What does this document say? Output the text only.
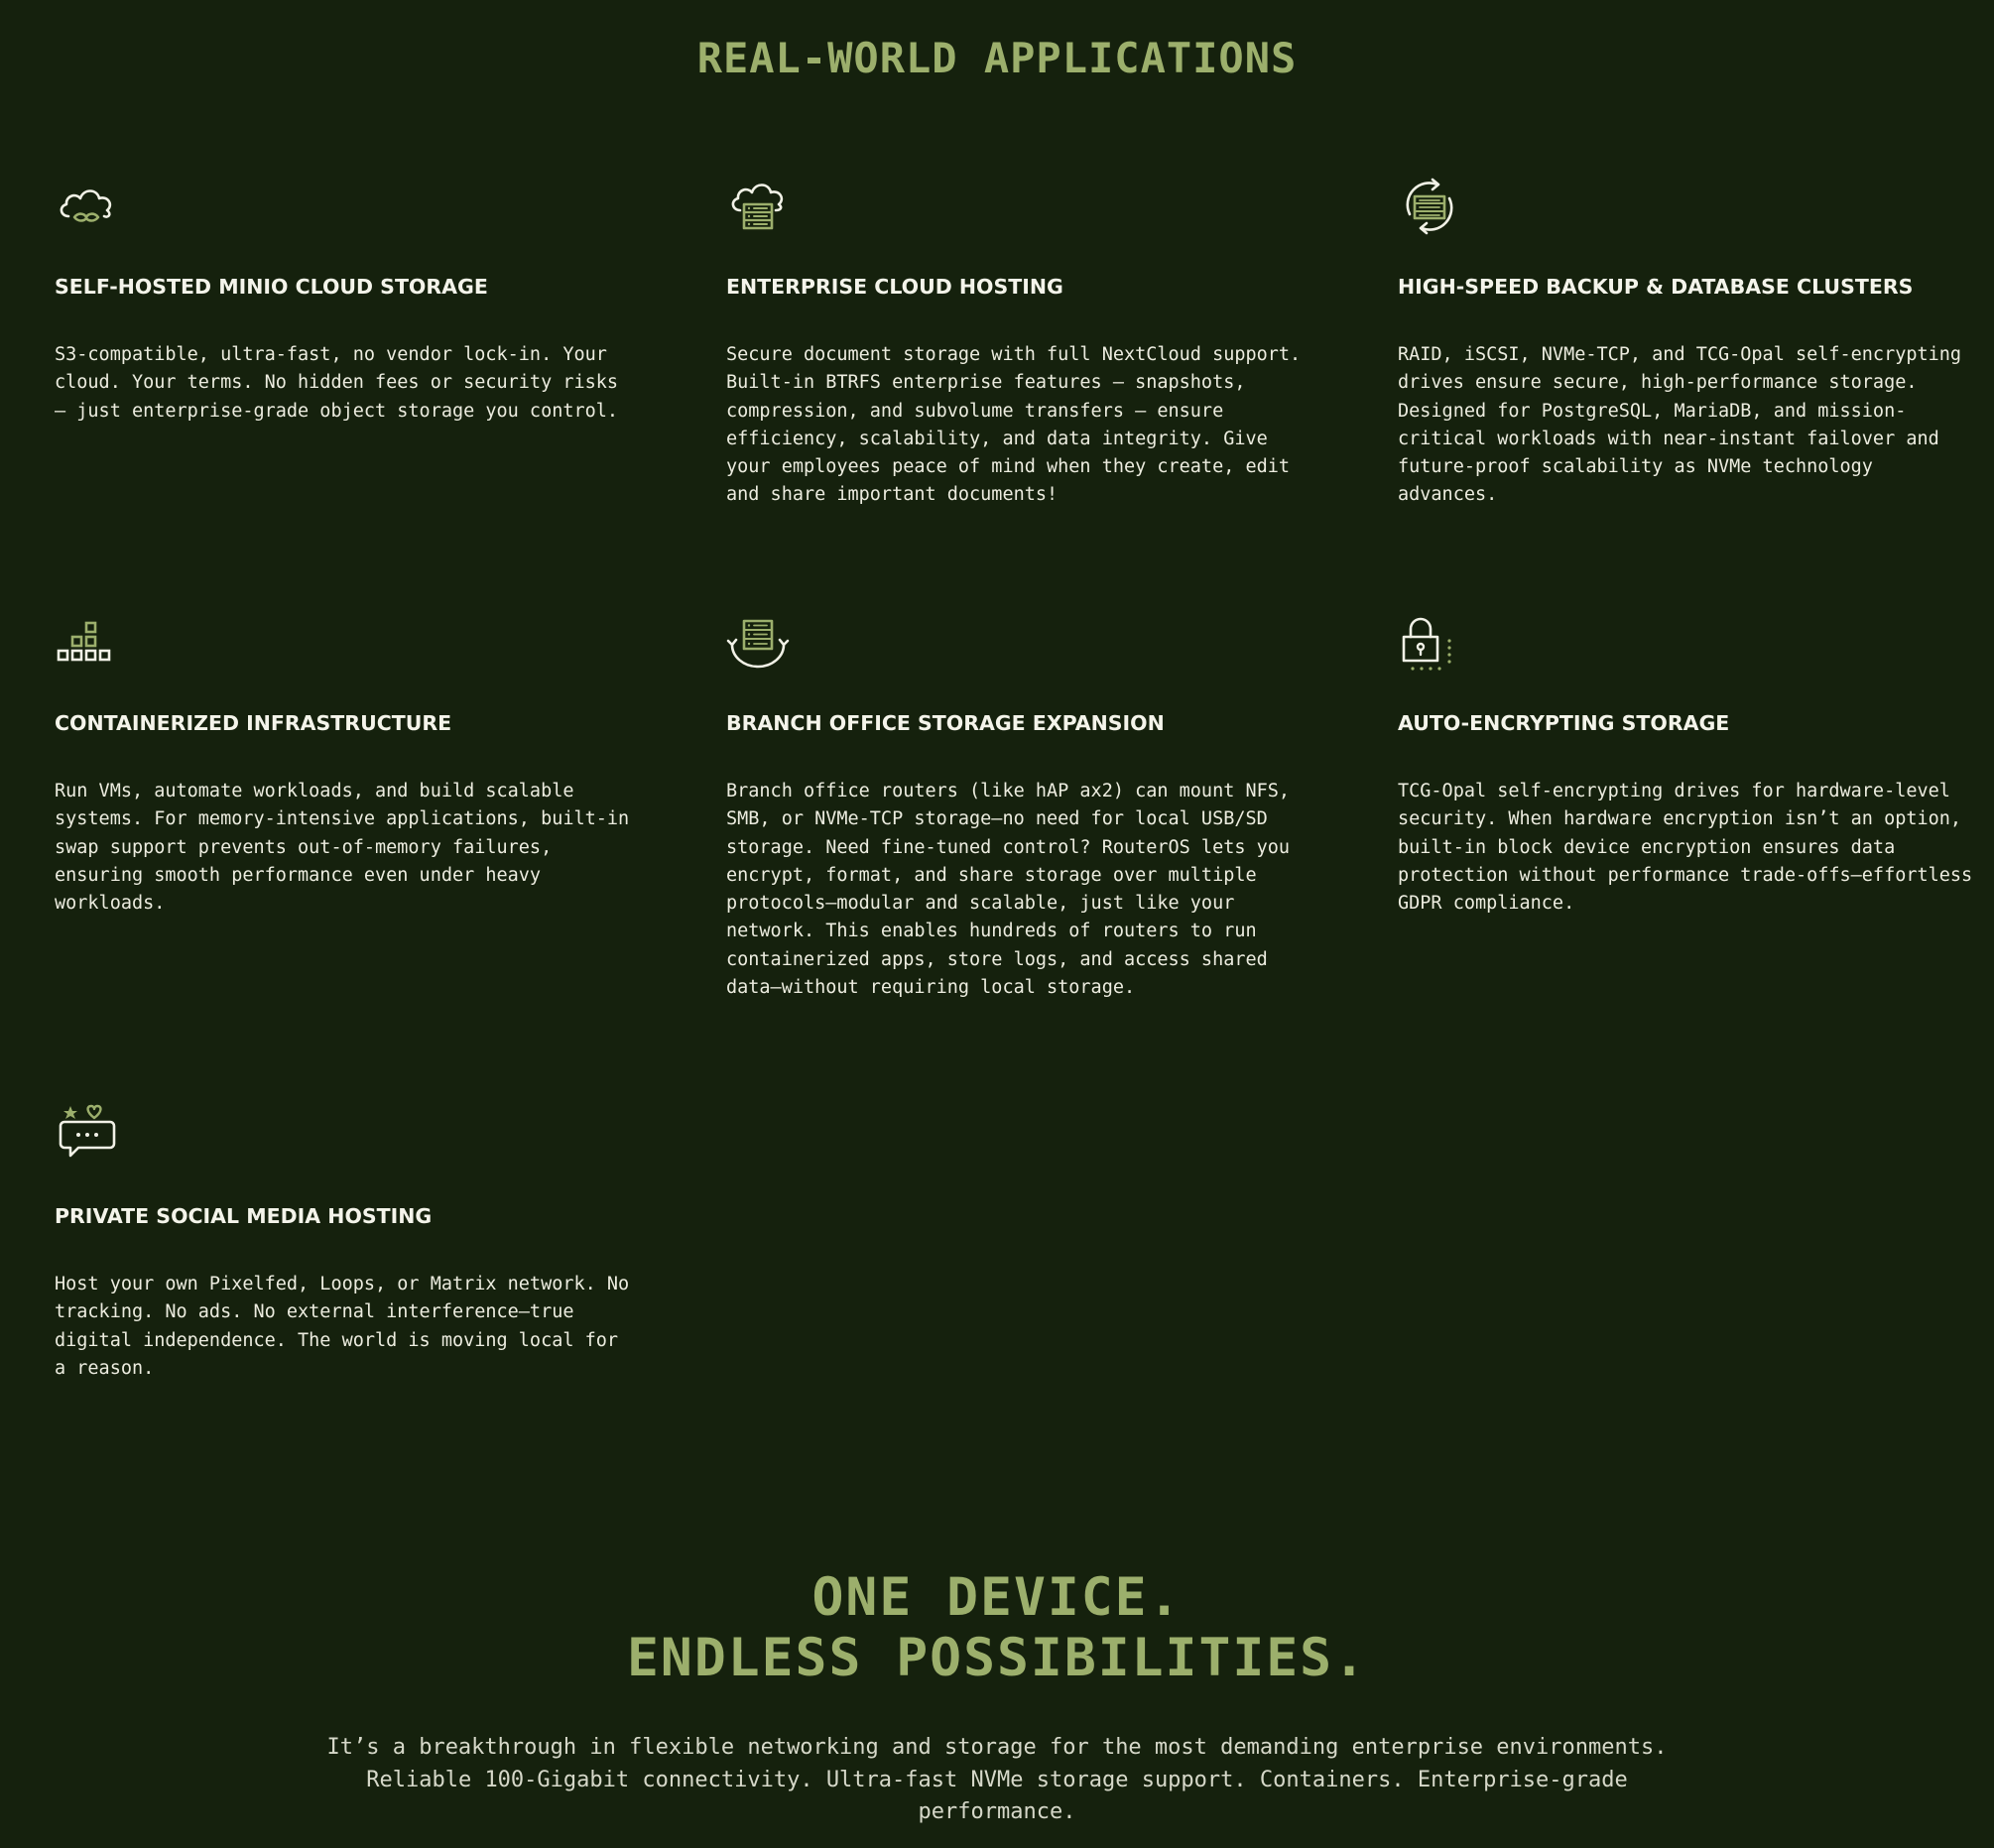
REAL-WORLD APPLICATIONS
SELF-HOSTED MINIO CLOUD STORAGE

S3-compatible, ultra-fast, no vendor lock-in. Your
cloud. Your terms. No hidden fees or security risks
– just enterprise-grade object storage you control.

ENTERPRISE CLOUD HOSTING

Secure document storage with full NextCloud support.
Built-in BTRFS enterprise features – snapshots,
compression, and subvolume transfers – ensure
efficiency, scalability, and data integrity. Give
your employees peace of mind when they create, edit
and share important documents!

HIGH-SPEED BACKUP & DATABASE CLUSTERS

RAID, iSCSI, NVMe-TCP, and TCG-Opal self-encrypting
drives ensure secure, high-performance storage.
Designed for PostgreSQL, MariaDB, and mission-
critical workloads with near-instant failover and
future-proof scalability as NVMe technology
advances.

CONTAINERIZED INFRASTRUCTURE

Run VMs, automate workloads, and build scalable
systems. For memory-intensive applications, built-in
swap support prevents out-of-memory failures,
ensuring smooth performance even under heavy
workloads.

BRANCH OFFICE STORAGE EXPANSION

Branch office routers (like hAP ax2) can mount NFS,
SMB, or NVMe-TCP storage—no need for local USB/SD
storage. Need fine-tuned control? RouterOS lets you
encrypt, format, and share storage over multiple
protocols—modular and scalable, just like your
network. This enables hundreds of routers to run
containerized apps, store logs, and access shared
data—without requiring local storage.

AUTO-ENCRYPTING STORAGE

TCG-Opal self-encrypting drives for hardware-level
security. When hardware encryption isn’t an option,
built-in block device encryption ensures data
protection without performance trade-offs—effortless
GDPR compliance.

PRIVATE SOCIAL MEDIA HOSTING

Host your own Pixelfed, Loops, or Matrix network. No
tracking. No ads. No external interference—true
digital independence. The world is moving local for
a reason.

ONE DEVICE.
ENDLESS POSSIBILITIES.

It’s a breakthrough in flexible networking and storage for the most demanding enterprise environments. Reliable 100-Gigabit connectivity. Ultra-fast NVMe storage support. Containers. Enterprise-grade performance.
